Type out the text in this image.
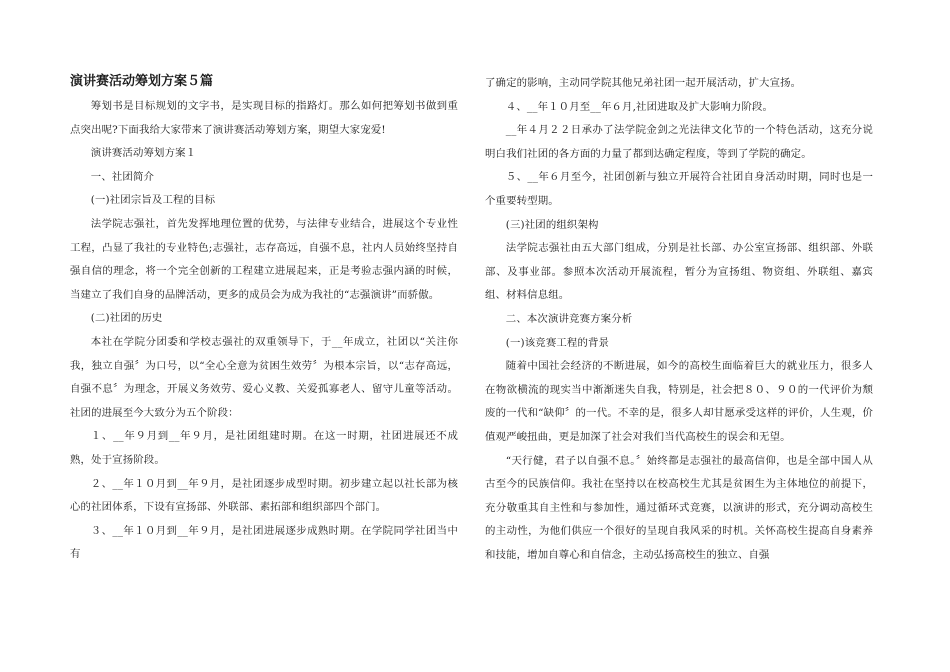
演讲赛活动筹划方案５篇

筹划书是目标规划的文字书，是实现目标的指路灯。那么如何把筹划书做到重点突出呢?下面我给大家带来了演讲赛活动筹划方案，期望大家宠爱!

演讲赛活动筹划方案１

一、社团简介

(一)社团宗旨及工程的目标

法学院志强社，首先发挥地理位置的优势，与法律专业结合，进展这个专业性工程，凸显了我社的专业特色;志强社，志存高远，自强不息，社内人员始终坚持自强自信的理念，将一个完全创新的工程建立进展起来，正是考验志强内涵的时候，当建立了我们自身的品牌活动，更多的成员会为成为我社的“志强演讲”而骄傲。

(二)社团的历史

本社在学院分团委和学校志强社的双重领导下，于__年成立，社团以“关注你我，独立自强〞为口号，以“全心全意为贫困生效劳〞为根本宗旨，以“志存高远，自强不息〞为理念，开展义务效劳、爱心义教、关爱孤寡老人、留守儿童等活动。社团的进展至今大致分为五个阶段：

１、__年９月到__年９月，是社团组建时期。在这一时期，社团进展还不成熟，处于宣扬阶段。

２、__年１０月到__年９月，是社团逐步成型时期。初步建立起以社长部为核心的社团体系，下设有宣扬部、外联部、素拓部和组织部四个部门。

３、__年１０月到__年９月，是社团进展逐步成熟时期。在学院同学社团当中有

了确定的影响，主动同学院其他兄弟社团一起开展活动，扩大宣扬。

４、__年１０月至__年６月,社团进取及扩大影响力阶段。

__年４月２２日承办了法学院金剑之光法律文化节的一个特色活动，这充分说明白我们社团的各方面的力量了都到达确定程度，等到了学院的确定。

５、__年６月至今，社团创新与独立开展符合社团自身活动时期，同时也是一个重要转型期。

(三)社团的组织架构

法学院志强社由五大部门组成，分别是社长部、办公室宣扬部、组织部、外联部、及事业部。参照本次活动开展流程，暂分为宣扬组、物资组、外联组、嘉宾组、材料信息组。

二、本次演讲竞赛方案分析

(一)该竞赛工程的背景

随着中国社会经济的不断进展，如今的高校生面临着巨大的就业压力，很多人在物欲横流的现实当中渐渐迷失自我，特别是，社会把８０、９０的一代评价为颓废的一代和“缺仰〞的一代。不幸的是，很多人却甘愿承受这样的评价，人生观，价值观严峻扭曲，更是加深了社会对我们当代高校生的误会和无望。

“天行健，君子以自强不息。〞始终都是志强社的最高信仰，也是全部中国人从古至今的民族信仰。我社在坚持以在校高校生尤其是贫困生为主体地位的前提下，充分敬重其自主性和与参加性，通过循环式竞赛，以演讲的形式，充分调动高校生的主动性，为他们供应一个很好的呈现自我风采的时机。关怀高校生提高自身素养和技能，增加自尊心和自信念，主动弘扬高校生的独立、自强
